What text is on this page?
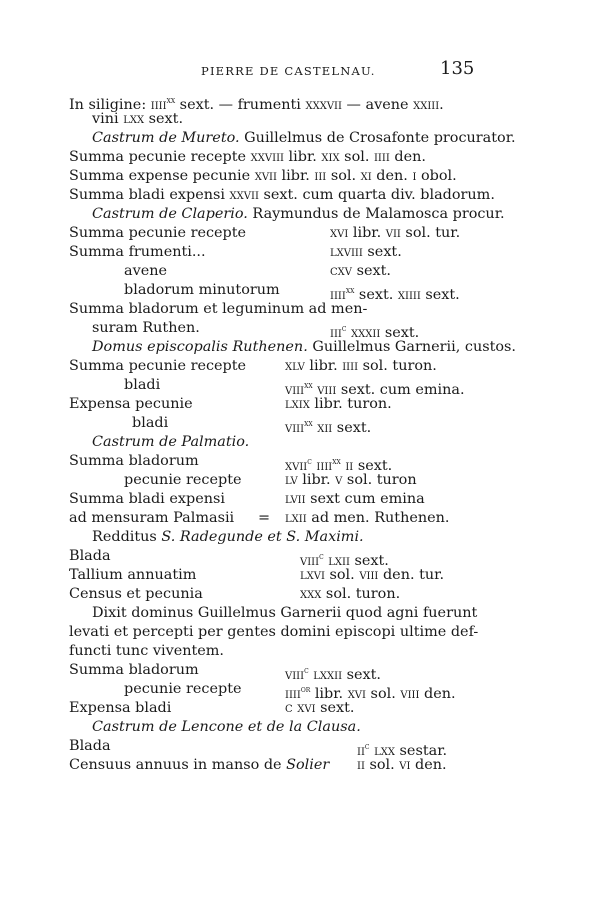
PIERRE DE CASTELNAU.	135
In siligine: iiii$^{xx}$ sext. — frumenti xxxvii — avene xxiii.
vini lxx sext.
Castrum de Mureto. Guillelmus de Crosafonte procurator.
Summa pecunie recepte xxviii libr. xix sol. iiii den.
Summa expense pecunie xvii libr. iii sol. xi den. i obol.
Summa bladi expensi xxvii sext. cum quarta div. bladorum.
Castrum de Claperio. Raymundus de Malamosca procur.
Summa pecunie recepte	xvi libr. vii sol. tur.
Summa frumenti...	lxviii sext.
avene	cxv sext.
bladorum minutorum	iiii$^{xx}$ sext. xiiii sext.
Summa bladorum et leguminum ad men-
suram Ruthen.	iii$^c$ xxxii sext.
Domus episcopalis Ruthenen. Guillelmus Garnerii, custos.
Summa pecunie recepte	xlv libr. iiii sol. turon.
bladi	viii$^{xx}$ viii sext. cum emina.
Expensa pecunie	lxix libr. turon.
bladi	viii$^{xx}$ xii sext.
Castrum de Palmatio.
Summa bladorum	xvii$^c$ iiii$^{xx}$ ii sext.
pecunie recepte	lv libr. v sol. turon
Summa bladi expensi	lvii sext cum emina
ad mensuram Palmasii = lxii ad men. Ruthenen.
Redditus S. Radegunde et S. Maximi.
Blada	viii$^c$ lxii sext.
Tallium annuatim	lxvi sol. viii den. tur.
Census et pecunia	xxx sol. turon.
Dixit dominus Guillelmus Garnerii quod agni fuerunt
levati et percepti per gentes domini episcopi ultime def-
functi tunc viventem.
Summa bladorum	viii$^c$ lxxii sext.
pecunie recepte	iiii$^{or}$ libr. xvi sol. viii den.
Expensa bladi	c xvi sext.
Castrum de Lencone et de la Clausa.
Blada	$ii^c$ lxx sestar.
Censuus annuus in manso de Solier ii sol. vi den.
